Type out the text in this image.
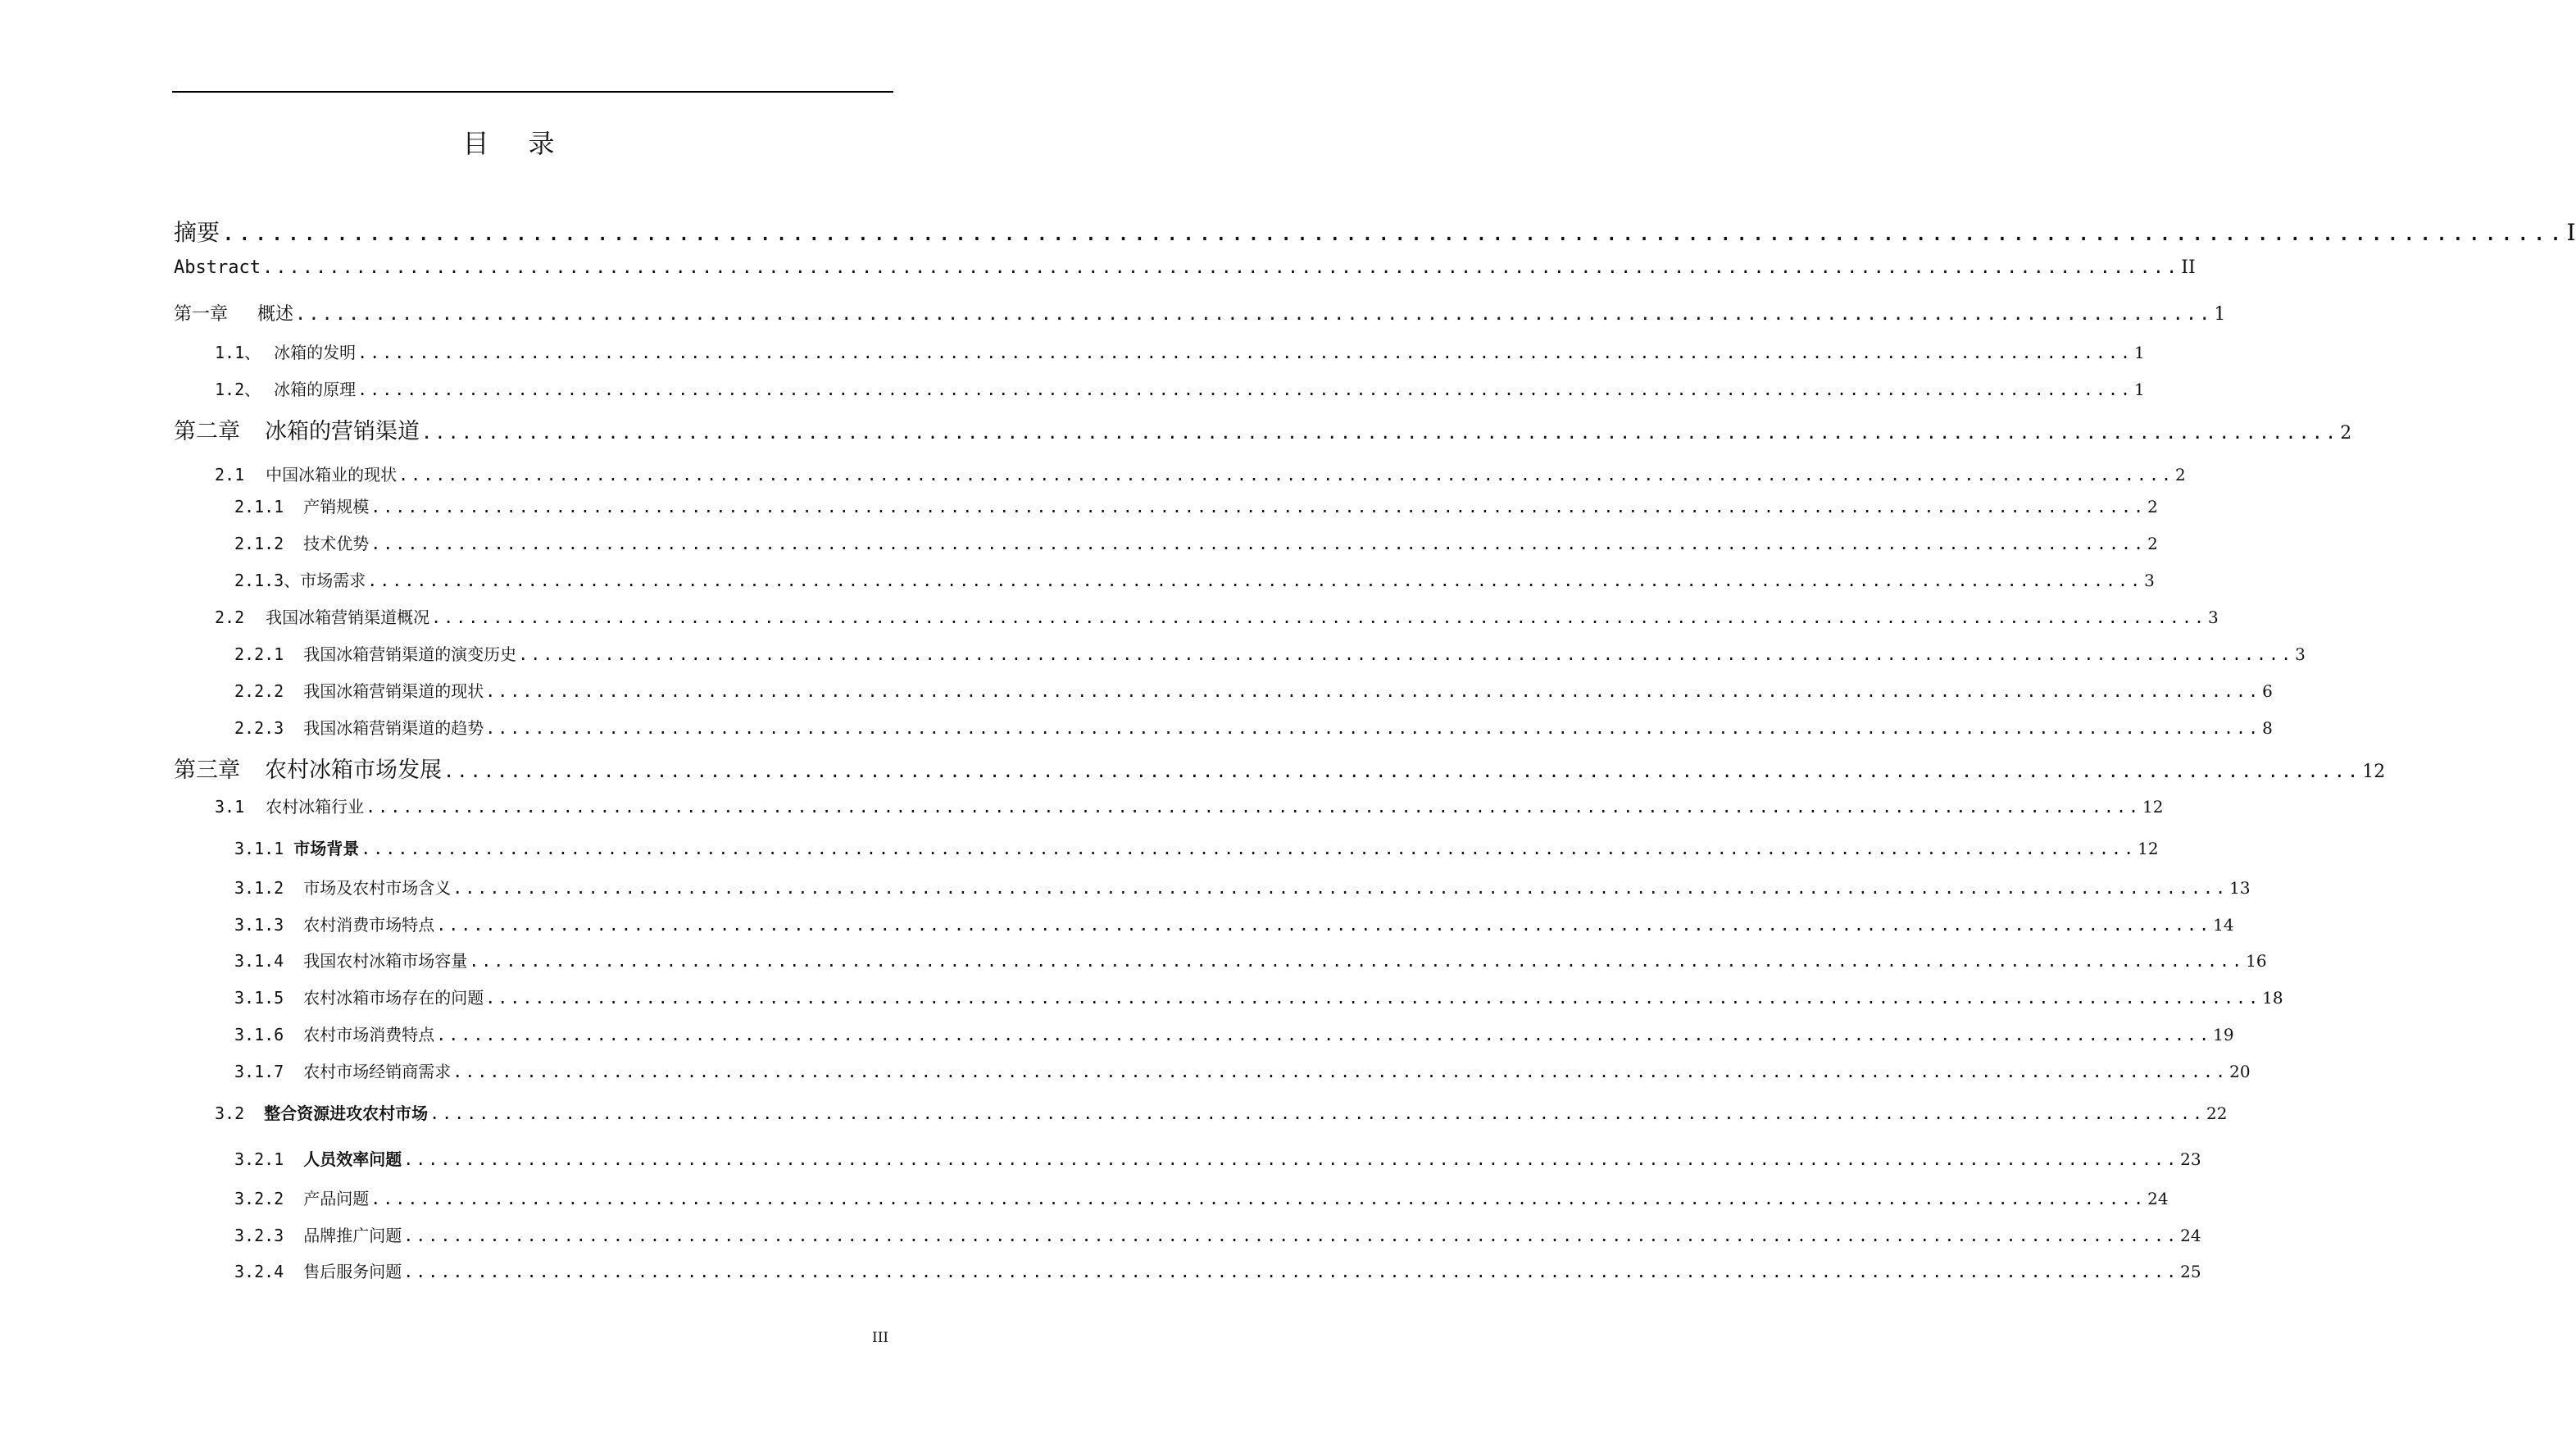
目 录
摘要 ................................................................................................................................................ I
Abstract ................................................................................................................................................ II
第一章 概述 ................................................................................................................................................ 1
1.1、 冰箱的发明 ................................................................................................................................................ 1
1.2、 冰箱的原理 ................................................................................................................................................ 1
第二章 冰箱的营销渠道 ................................................................................................................................................ 2
2.1 中国冰箱业的现状 ................................................................................................................................................ 2
2.1.1 产销规模 ................................................................................................................................................ 2
2.1.2 技术优势 ................................................................................................................................................ 2
2.1.3、 市场需求 ................................................................................................................................................ 3
2.2 我国冰箱营销渠道概况 ................................................................................................................................................ 3
2.2.1 我国冰箱营销渠道的演变历史 ................................................................................................................................................ 3
2.2.2 我国冰箱营销渠道的现状 ................................................................................................................................................ 6
2.2.3 我国冰箱营销渠道的趋势 ................................................................................................................................................ 8
第三章 农村冰箱市场发展 ................................................................................................................................................ 12
3.1 农村冰箱行业 ................................................................................................................................................ 12
3.1.1 市场背景 ................................................................................................................................................ 12
3.1.2 市场及农村市场含义 ................................................................................................................................................ 13
3.1.3 农村消费市场特点 ................................................................................................................................................ 14
3.1.4 我国农村冰箱市场容量 ................................................................................................................................................ 16
3.1.5 农村冰箱市场存在的问题 ................................................................................................................................................ 18
3.1.6 农村市场消费特点 ................................................................................................................................................ 19
3.1.7 农村市场经销商需求 ................................................................................................................................................ 20
3.2 整合资源进攻农村市场 ................................................................................................................................................ 22
3.2.1 人员效率问题 ................................................................................................................................................ 23
3.2.2 产品问题 ................................................................................................................................................ 24
3.2.3 品牌推广问题 ................................................................................................................................................ 24
3.2.4 售后服务问题 ................................................................................................................................................ 25
III
